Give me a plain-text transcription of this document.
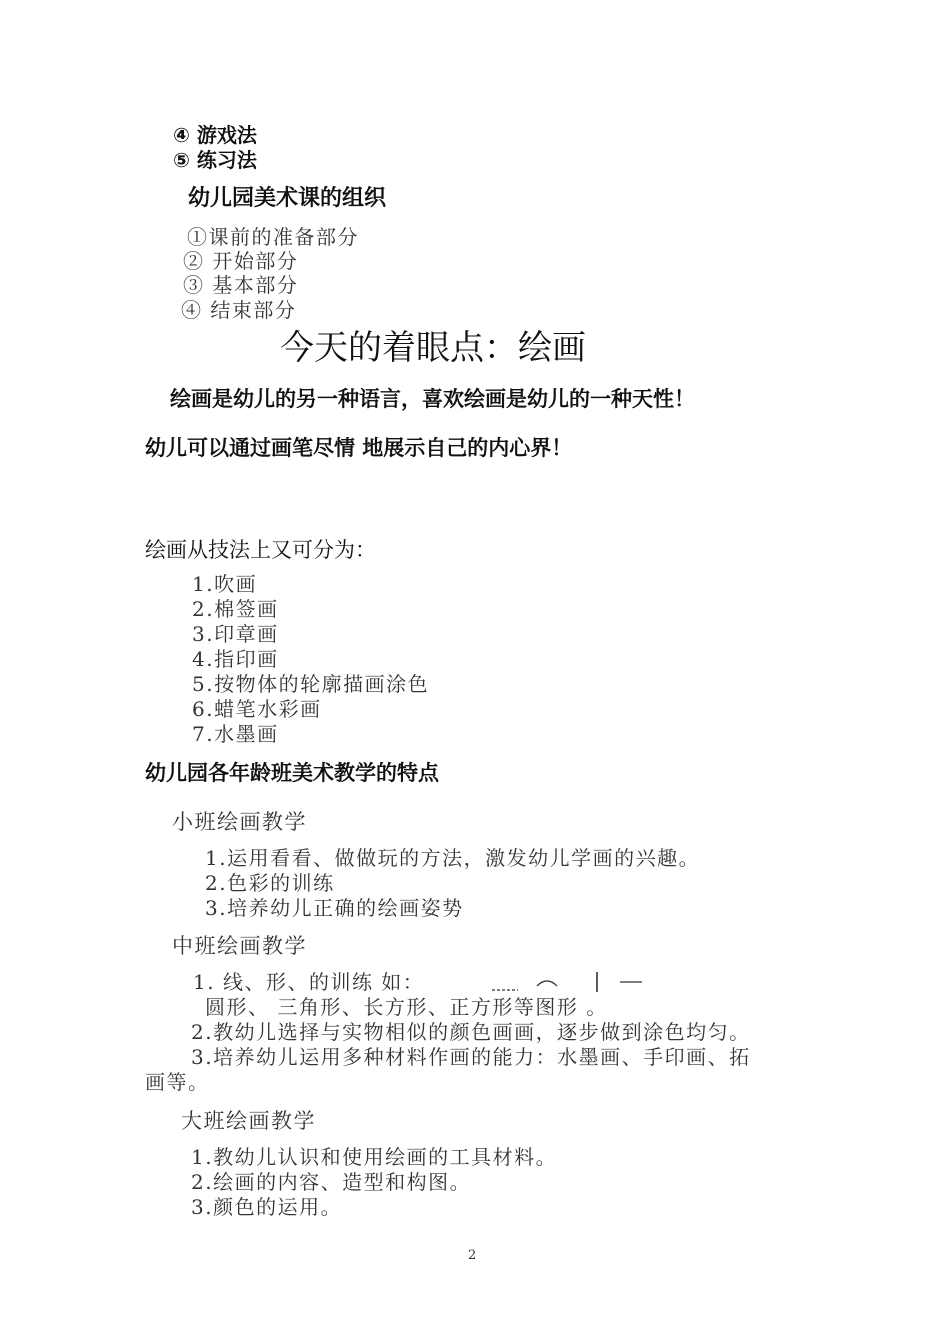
④ 游戏法
⑤ 练习法
幼儿园美术课的组织
①课前的准备部分
② 开始部分
③ 基本部分
④ 结束部分
今天的着眼点：绘画
绘画是幼儿的另一种语言，喜欢绘画是幼儿的一种天性！
幼儿可以通过画笔尽情 地展示自己的内心界！
绘画从技法上又可分为：
1.吹画
2.棉签画
3.印章画
4.指印画
5.按物体的轮廓描画涂色
6.蜡笔水彩画
7.水墨画
幼儿园各年龄班美术教学的特点
小班绘画教学
1.运用看看、做做玩的方法，激发幼儿学画的兴趣。
2.色彩的训练
3.培养幼儿正确的绘画姿势
中班绘画教学
1. 线、形、的训练 如：
圆形、 三角形、长方形、正方形等图形 。
2.教幼儿选择与实物相似的颜色画画，逐步做到涂色均匀。
3.培养幼儿运用多种材料作画的能力：水墨画、手印画、拓
画等。
大班绘画教学
1.教幼儿认识和使用绘画的工具材料。
2.绘画的内容、造型和构图。
3.颜色的运用。
2
